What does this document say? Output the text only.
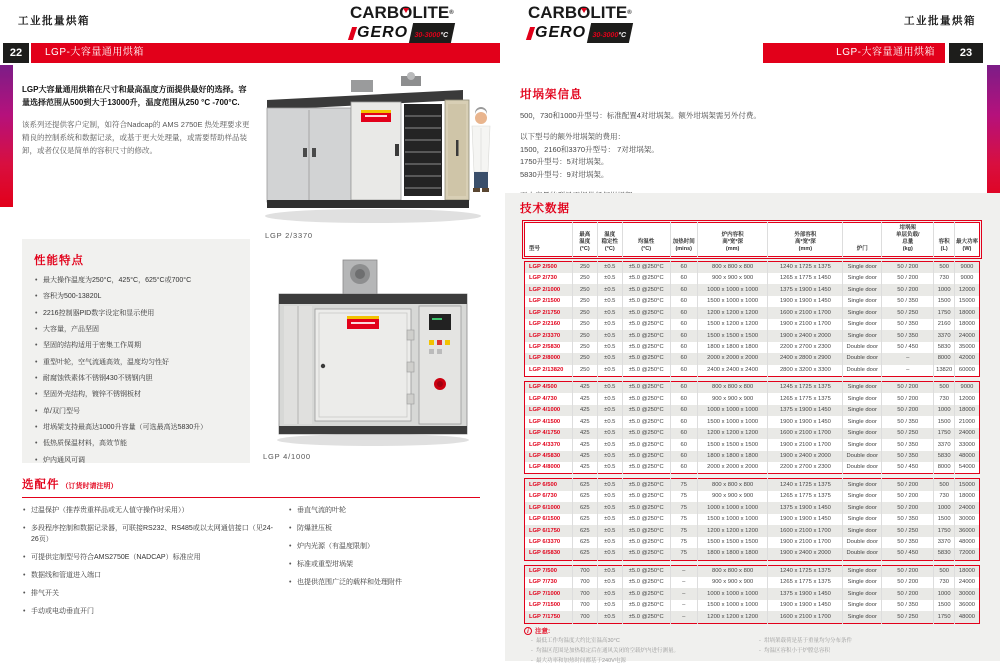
工业批量烘箱	CARBOLITE®
GERO 30-3000°C
22	LGP-大容量通用烘箱
LGP大容量通用烘箱在尺寸和最高温度方面提供最好的选择。容量选择范围从500到大于13000升，温度范围从250 °C -700°C.
该系列还提供客户定制，如符合Nadcap的 AMS 2750E 热处理要求更精良的控制系统和数据记录，或基于更大处理量，或需要帮助样品装卸，或者仅仅是简单的容积尺寸的修改。
LGP 2/3370
性能特点
• 最大操作温度为250°C，425°C，625°C或700°C
• 容积为500-13820L
• 2216控制器PID数字设定和显示使用
• 大容量，产品坚固
• 坚固的结构适用于密集工作周期
• 重型叶轮，空气流通高效，温度均匀性好
• 耐腐蚀铁素体不锈钢430不锈钢内胆
• 坚固外壳结构，镀锌不锈钢板材
• 单/双门型号
• 坩埚架支持最高达1000升容量（可选最高达5830升）
• 低热质保温材料，高效节能
• 炉内通风可调	LGP 4/1000
选配件 （订货时请注明）
• 过温保护（推荐贵重样品或无人值守操作时采用））
• 多段程序控制和数据记录器，可联接RS232、RS485或以太网通信接口（见24-26页）
• 可提供定制型号符合AMS2750E（NADCAP）标准应用
• 数据线和管道进入端口
• 排气开关
• 手动或电动垂直开门
• 垂直气流的叶轮
• 防爆泄压板
• 炉内光源（有温度限制）
• 标准或重型坩埚架
• 也提供范围广泛的载样和处理附件
CARBOLITE®
GERO 30-3000°C
工业批量烘箱
LGP-大容量通用烘箱	23
坩埚架信息
500，730和1000升型号：标准配置4对坩埚架。额外坩埚架需另外付费。
以下型号的额外坩埚架的费用：
1500，2160和3370升型号： 7对坩埚架。
1750升型号：5对坩埚架。
5830升型号：9对坩埚架。
技术数据
型号

最高
温度
(°C)

温度
稳定性
(°C)

均温性
(°C)

加热时间
(mins)

炉内容积
高*宽*深
(mm)

外部容积
高*宽*深
(mm)	炉门

坩埚架
单层负载/
总量
(kg)

容积
(L)

最大功率
(W)
LGP 2/500	250	±0.5	±5.0 @250°C	60	800 x 800 x 800	1240 x 1725 x 1375	Single door	50 / 200	500	9000
LGP 2/730	250	±0.5	±5.0 @250°C	60	900 x 900 x 900	1265 x 1775 x 1450	Single door	50 / 200	730	9000
LGP 2/1000	250	±0.5	±5.0 @250°C	60	1000 x 1000 x 1000	1375 x 1900 x 1450	Single door	50 / 200	1000	12000
LGP 2/1500	250	±0.5	±5.0 @250°C	60	1500 x 1000 x 1000	1900 x 1900 x 1450	Single door	50 / 350	1500	15000
LGP 2/1750	250	±0.5	±5.0 @250°C	60	1200 x 1200 x 1200	1600 x 2100 x 1700	Single door	50 / 250	1750	18000
LGP 2/2160	250	±0.5	±5.0 @250°C	60	1500 x 1200 x 1200	1900 x 2100 x 1700	Single door	50 / 350	2160	18000
LGP 2/3370	250	±0.5	±5.0 @250°C	60	1500 x 1500 x 1500	1900 x 2400 x 2000	Single door	50 / 350	3370	24000
LGP 2/5830	250	±0.5	±5.0 @250°C	60	1800 x 1800 x 1800	2200 x 2700 x 2300	Double door	50 / 450	5830	35000
LGP 2/8000	250	±0.5	±5.0 @250°C	60	2000 x 2000 x 2000	2400 x 2800 x 2900	Double door	–	8000	42000
LGP 2/13820	250	±0.5	±5.0 @250°C	60	2400 x 2400 x 2400	2800 x 3200 x 3300	Double door	–	13820	60000
LGP 4/500	425	±0.5	±5.0 @250°C	60	800 x 800 x 800	1245 x 1725 x 1375	Single door	50 / 200	500	9000
LGP 4/730	425	±0.5	±5.0 @250°C	60	900 x 900 x 900	1265 x 1775 x 1375	Single door	50 / 200	730	12000
LGP 4/1000	425	±0.5	±5.0 @250°C	60	1000 x 1000 x 1000	1375 x 1900 x 1450	Single door	50 / 200	1000	18000
LGP 4/1500	425	±0.5	±5.0 @250°C	60	1500 x 1000 x 1000	1900 x 1900 x 1450	Single door	50 / 350	1500	21000
LGP 4/1750	425	±0.5	±5.0 @250°C	60	1200 x 1200 x 1200	1600 x 2100 x 1700	Single door	50 / 250	1750	24000
LGP 4/3370	425	±0.5	±5.0 @250°C	60	1500 x 1500 x 1500	1900 x 2100 x 1700	Single door	50 / 350	3370	33000
LGP 4/5830	425	±0.5	±5.0 @250°C	60	1800 x 1800 x 1800	1900 x 2400 x 2000	Double door	50 / 350	5830	48000
LGP 4/8000	425	±0.5	±5.0 @250°C	60	2000 x 2000 x 2000	2200 x 2700 x 2300	Double door	50 / 450	8000	54000
LGP 6/500	625	±0.5	±5.0 @250°C	75	800 x 800 x 800	1240 x 1725 x 1375	Single door	50 / 200	500	15000
LGP 6/730	625	±0.5	±5.0 @250°C	75	900 x 900 x 900	1265 x 1775 x 1375	Single door	50 / 200	730	18000
LGP 6/1000	625	±0.5	±5.0 @250°C	75	1000 x 1000 x 1000	1375 x 1900 x 1450	Single door	50 / 200	1000	24000
LGP 6/1500	625	±0.5	±5.0 @250°C	75	1500 x 1000 x 1000	1900 x 1900 x 1450	Single door	50 / 350	1500	30000
LGP 6/1750	625	±0.5	±5.0 @250°C	75	1200 x 1200 x 1200	1600 x 2100 x 1700	Single door	50 / 250	1750	36000
LGP 6/3370	625	±0.5	±5.0 @250°C	75	1500 x 1500 x 1500	1900 x 2100 x 1700	Double door	50 / 350	3370	48000
LGP 6/5830	625	±0.5	±5.0 @250°C	75	1800 x 1800 x 1800	1900 x 2400 x 2000	Double door	50 / 450	5830	72000
LGP 7/500	700	±0.5	±5.0 @250°C	–	800 x 800 x 800	1240 x 1725 x 1375	Single door	50 / 200	500	18000
LGP 7/730	700	±0.5	±5.0 @250°C	–	900 x 900 x 900	1265 x 1775 x 1375	Single door	50 / 200	730	24000
LGP 7/1000	700	±0.5	±5.0 @250°C	–	1000 x 1000 x 1000	1375 x 1900 x 1450	Single door	50 / 200	1000	30000
LGP 7/1500	700	±0.5	±5.0 @250°C	–	1500 x 1000 x 1000	1900 x 1900 x 1450	Single door	50 / 350	1500	36000
LGP 7/1750	700	±0.5	±5.0 @250°C	–	1200 x 1200 x 1200	1600 x 2100 x 1700	Single door	50 / 250	1750	48000
i 注意:
- 最低工作均温度大约比室温高30°C
- 均温区范围是加热稳定后在通风关闭的空载炉内进行测量。
- 最大功率和加热时间都基于240V电源
- 坩埚架载荷是基于重量均匀分布条件
- 均温区容积小于炉膛总容积
